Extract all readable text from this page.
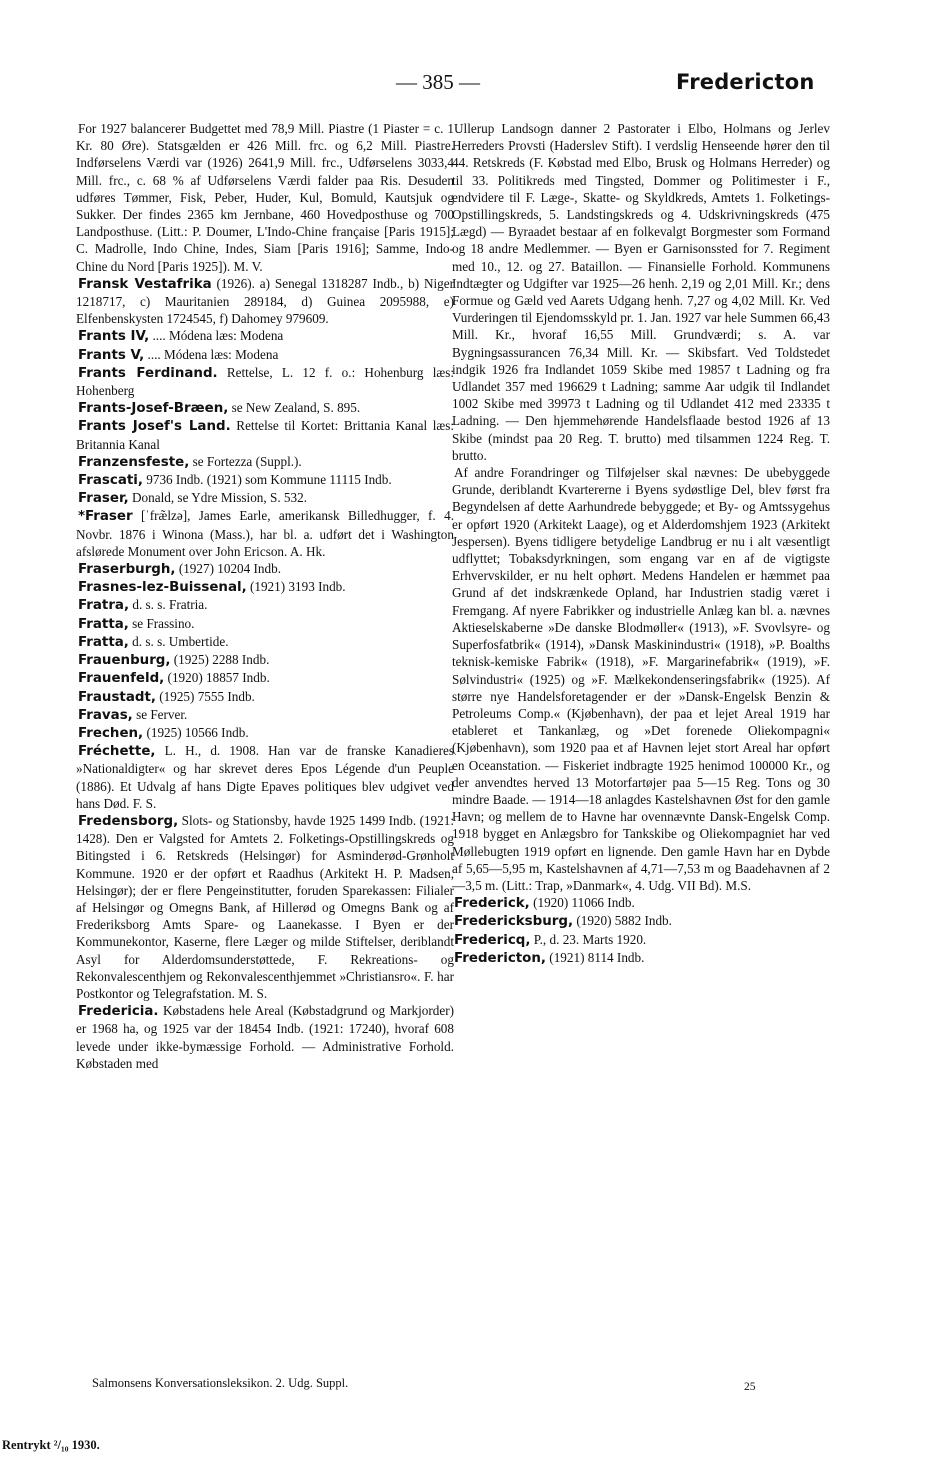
— 385 —	Fredericton

For 1927 balancerer Budgettet med 78,9 Mill. Piastre (1 Piaster = c. 1 Kr. 80 Øre). Statsgælden er 426 Mill. frc. og 6,2 Mill. Piastre. Indførselens Værdi var (1926) 2641,9 Mill. frc., Udførselens 3033,4 Mill. frc., c. 68 % af Udførselens Værdi falder paa Ris. Desuden udføres Tømmer, Fisk, Peber, Huder, Kul, Bomuld, Kautsjuk og Sukker. Der findes 2365 km Jernbane, 460 Hovedposthuse og 700 Landposthuse. (Litt.: P. Doumer, L'Indo-Chine française [Paris 1915]; C. Madrolle, Indo Chine, Indes, Siam [Paris 1916]; Samme, Indo-Chine du Nord [Paris 1925]). M. V.

Fransk Vestafrika (1926). a) Senegal 1318287 Indb., b) Niger 1218717, c) Mauritanien 289184, d) Guinea 2095988, e) Elfenbenskysten 1724545, f) Dahomey 979609.

Frants IV, .... Módena læs: Modena

Frants V, .... Módena læs: Modena

Frants Ferdinand. Rettelse, L. 12 f. o.: Hohenburg læs: Hohenberg

Frants-Josef-Bræen, se New Zealand, S. 895.

Frants Josef's Land. Rettelse til Kortet: Brittania Kanal læs: Britannia Kanal

Franzensfeste, se Fortezza (Suppl.).

Frascati, 9736 Indb. (1921) som Kommune 11115 Indb.

Fraser, Donald, se Ydre Mission, S. 532.

*Fraser [ˈfræ̃lzə], James Earle, amerikansk Billedhugger, f. 4. Novbr. 1876 i Winona (Mass.), har bl. a. udført det i Washington afslørede Monument over John Ericson. A. Hk.

Fraserburgh, (1927) 10204 Indb.

Frasnes-lez-Buissenal, (1921) 3193 Indb.

Fratra, d. s. s. Fratria.

Fratta, se Frassino.

Fratta, d. s. s. Umbertide.

Frauenburg, (1925) 2288 Indb.

Frauenfeld, (1920) 18857 Indb.

Fraustadt, (1925) 7555 Indb.

Fravas, se Ferver.

Frechen, (1925) 10566 Indb.

Fréchette, L. H., d. 1908. Han var de franske Kanadieres »Nationaldigter« og har skrevet deres Epos Légende d'un Peuple (1886). Et Udvalg af hans Digte Epaves politiques blev udgivet ved hans Død. F. S.

Fredensborg, Slots- og Stationsby, havde 1925 1499 Indb. (1921: 1428). Den er Valgsted for Amtets 2. Folketings-Opstillingskreds og Bitingsted i 6. Retskreds (Helsingør) for Asminderød-Grønholt Kommune. 1920 er der opført et Raadhus (Arkitekt H. P. Madsen, Helsingør); der er flere Pengeinstitutter, foruden Sparekassen: Filialer af Helsingør og Omegns Bank, af Hillerød og Omegns Bank og af Frederiksborg Amts Spare- og Laanekasse. I Byen er der Kommunekontor, Kaserne, flere Læger og milde Stiftelser, deriblandt Asyl for Alderdomsunderstøttede, F. Rekreations- og Rekonvalescenthjem og Rekonvalescenthjemmet »Christiansro«. F. har Postkontor og Telegrafstation. M. S.

Fredericia. Købstadens hele Areal (Købstadgrund og Markjorder) er 1968 ha, og 1925 var der 18454 Indb. (1921: 17240), hvoraf 608 levede under ikke-bymæssige Forhold. — Administrative Forhold. Købstaden med

Ullerup Landsogn danner 2 Pastorater i Elbo, Holmans og Jerlev Herreders Provsti (Haderslev Stift). I verdslig Henseende hører den til 44. Retskreds (F. Købstad med Elbo, Brusk og Holmans Herreder) og til 33. Politikreds med Tingsted, Dommer og Politimester i F., endvidere til F. Læge-, Skatte- og Skyldkreds, Amtets 1. Folketings-Opstillingskreds, 5. Landstingskreds og 4. Udskrivningskreds (475 Lægd) — Byraadet bestaar af en folkevalgt Borgmester som Formand og 18 andre Medlemmer. — Byen er Garnisonssted for 7. Regiment med 10., 12. og 27. Bataillon. — Finansielle Forhold. Kommunens Indtægter og Udgifter var 1925—26 henh. 2,19 og 2,01 Mill. Kr.; dens Formue og Gæld ved Aarets Udgang henh. 7,27 og 4,02 Mill. Kr. Ved Vurderingen til Ejendomsskyld pr. 1. Jan. 1927 var hele Summen 66,43 Mill. Kr., hvoraf 16,55 Mill. Grundværdi; s. A. var Bygningsassurancen 76,34 Mill. Kr. — Skibsfart. Ved Toldstedet indgik 1926 fra Indlandet 1059 Skibe med 19857 t Ladning og fra Udlandet 357 med 196629 t Ladning; samme Aar udgik til Indlandet 1002 Skibe med 39973 t Ladning og til Udlandet 412 med 23335 t Ladning. — Den hjemmehørende Handelsflaade bestod 1926 af 13 Skibe (mindst paa 20 Reg. T. brutto) med tilsammen 1224 Reg. T. brutto.

Af andre Forandringer og Tilføjelser skal nævnes: De ubebyggede Grunde, deriblandt Kvartererne i Byens sydøstlige Del, blev først fra Begyndelsen af dette Aarhundrede bebyggede; et By- og Amtssygehus er opført 1920 (Arkitekt Laage), og et Alderdomshjem 1923 (Arkitekt Jespersen). Byens tidligere betydelige Landbrug er nu i alt væsentligt udflyttet; Tobaksdyrkningen, som engang var en af de vigtigste Erhvervskilder, er nu helt ophørt. Medens Handelen er hæmmet paa Grund af det indskrænkede Opland, har Industrien stadig været i Fremgang. Af nyere Fabrikker og industrielle Anlæg kan bl. a. nævnes Aktieselskaberne »De danske Blodmøller« (1913), »F. Svovlsyre- og Superfosfatbrik« (1914), »Dansk Maskinindustri« (1918), »P. Boalths teknisk-kemiske Fabrik« (1918), »F. Margarinefabrik« (1919), »F. Sølvindustri« (1925) og »F. Mælkekondenseringsfabrik« (1925). Af større nye Handelsforetagender er der »Dansk-Engelsk Benzin & Petroleums Comp.« (Kjøbenhavn), der paa et lejet Areal 1919 har etableret et Tankanlæg, og »Det forenede Oliekompagni« (Kjøbenhavn), som 1920 paa et af Havnen lejet stort Areal har opført en Oceanstation. — Fiskeriet indbragte 1925 henimod 100000 Kr., og der anvendtes herved 13 Motorfartøjer paa 5—15 Reg. Tons og 30 mindre Baade. — 1914—18 anlagdes Kastelshavnen Øst for den gamle Havn; og mellem de to Havne har ovennævnte Dansk-Engelsk Comp. 1918 bygget en Anlægsbro for Tankskibe og Oliekompagniet har ved Møllebugten 1919 opført en lignende. Den gamle Havn har en Dybde af 5,65—5,95 m, Kastelshavnen af 4,71—7,53 m og Baadehavnen af 2—3,5 m. (Litt.: Trap, »Danmark«, 4. Udg. VII Bd). M.S.

Frederick, (1920) 11066 Indb.

Fredericksburg, (1920) 5882 Indb.

Fredericq, P., d. 23. Marts 1920.

Fredericton, (1921) 8114 Indb.

Salmonsens Konversationsleksikon. 2. Udg. Suppl.	25
Rentrykt ²/₁₀ 1930.
